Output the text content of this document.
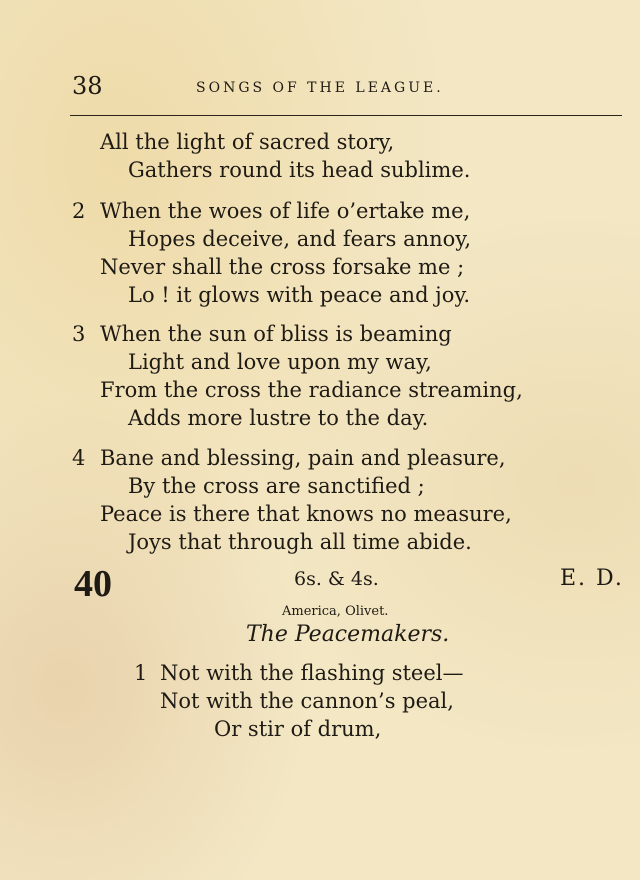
38	SONGS OF THE LEAGUE.
All the light of sacred story,
Gathers round its head sublime.
2 When the woes of life o’ertake me,
Hopes deceive, and fears annoy,
Never shall the cross forsake me ;
Lo ! it glows with peace and joy.
3 When the sun of bliss is beaming
Light and love upon my way,
From the cross the radiance streaming,
Adds more lustre to the day.
4 Bane and blessing, pain and pleasure,
By the cross are sanctified ;
Peace is there that knows no measure,
Joys that through all time abide.
40	6s. & 4s.	E. D.
America, Olivet.
The Peacemakers.
1 Not with the flashing steel—
Not with the cannon’s peal,
Or stir of drum,
